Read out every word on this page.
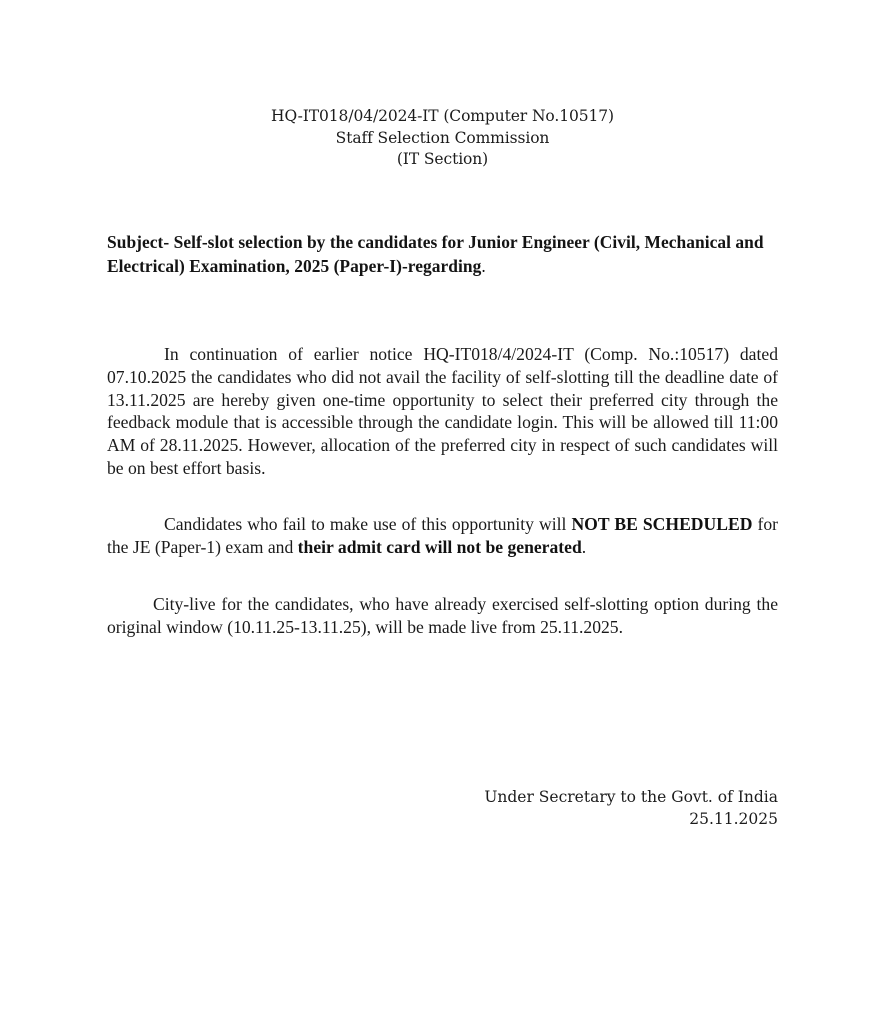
HQ-IT018/04/2024-IT (Computer No.10517)
Staff Selection Commission
(IT Section)
Subject- Self-slot selection by the candidates for Junior Engineer (Civil, Mechanical and Electrical) Examination, 2025 (Paper-I)-regarding.
In continuation of earlier notice HQ-IT018/4/2024-IT (Comp. No.:10517) dated 07.10.2025 the candidates who did not avail the facility of self-slotting till the deadline date of 13.11.2025 are hereby given one-time opportunity to select their preferred city through the feedback module that is accessible through the candidate login. This will be allowed till 11:00 AM of 28.11.2025. However, allocation of the preferred city in respect of such candidates will be on best effort basis.
Candidates who fail to make use of this opportunity will NOT BE SCHEDULED for the JE (Paper-1) exam and their admit card will not be generated.
City-live for the candidates, who have already exercised self-slotting option during the original window (10.11.25-13.11.25), will be made live from 25.11.2025.
Under Secretary to the Govt. of India
25.11.2025
